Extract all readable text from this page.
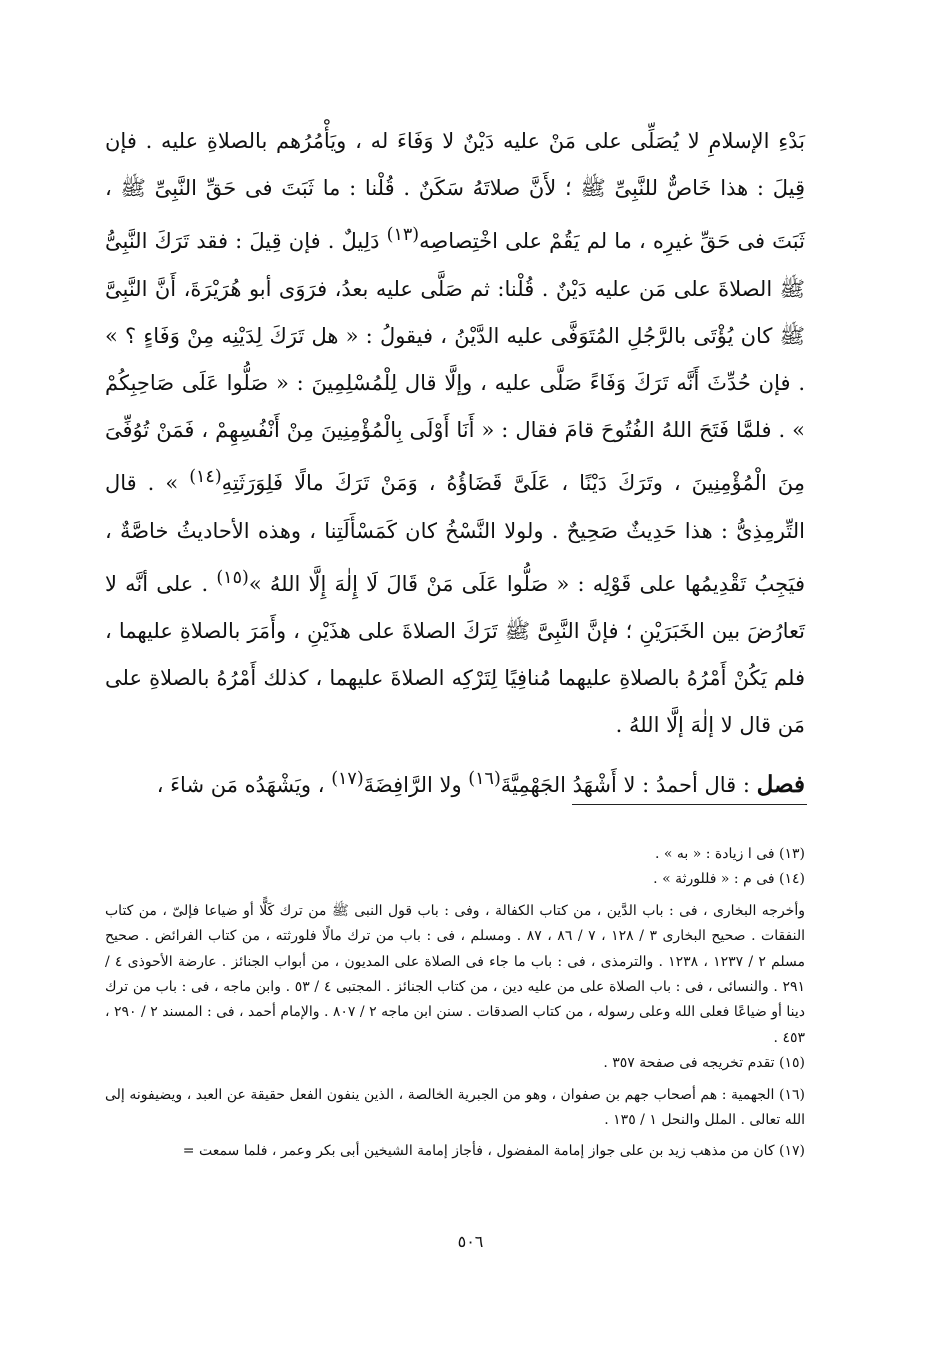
بَدْءِ الإسلامِ لا يُصَلِّى على مَنْ عليه دَيْنٌ لا وَفَاءَ له ، ويَأْمُرُهم بالصلاةِ عليه . فإن قِيلَ : هذا خَاصٌّ للنَّبِىِّ ﷺ ؛ لأَنَّ صلاتَهُ سَكَنٌ . قُلْنا : ما ثَبَتَ فى حَقِّ النَّبِىِّ ﷺ ، ثَبَتَ فى حَقِّ غيرِه ، ما لم يَقُمْ على اخْتِصاصِه$^{(١٣)}$ دَلِيلٌ . فإن قِيلَ : فقد تَرَكَ النَّبِىُّ ﷺ الصلاةَ على مَن عليه دَيْنٌ . قُلْنا: ثم صَلَّى عليه بعدُ، فرَوَى أبو هُرَيْرَةَ، أَنَّ النَّبِىَّ ﷺ كان يُؤْتَى بالرَّجُلِ المُتَوَفَّى عليه الدَّيْنُ ، فيقولُ : « هل تَرَكَ لِدَيْنِه مِنْ وَفَاءٍ ؟ » . فإن حُدِّثَ أَنَّه تَرَكَ وَفَاءً صَلَّى عليه ، وإلَّا قال لِلْمُسْلِمِينَ : « صَلُّوا عَلَى صَاحِبِكُمْ » . فلمَّا فَتَحَ اللهُ الفُتُوحَ قامَ فقال : « أَنَا أَوْلَى بِالْمُؤْمِنِينَ مِنْ أَنْفُسِهِمْ ، فَمَنْ تُوُفِّىَ مِنَ الْمُؤْمِنِينَ ، وتَرَكَ دَيْنًا ، عَلَىَّ قَضَاؤُهُ ، وَمَنْ تَرَكَ مالًا فَلِوَرَثَتِهِ$^{(١٤)}$ » . قال التِّرمِذِىُّ : هذا حَدِيثٌ صَحِيحٌ . ولولا النَّسْخُ كان كَمَسْأَلَتِنا ، وهذه الأحاديثُ خاصَّةٌ ، فيَجِبُ تَقْدِيمُها على قَوْلِه : « صَلُّوا عَلَى مَنْ قَالَ لَا إِلٰهَ إِلَّا اللهُ »$^{(١٥)}$ . على أنَّه لا تَعارُضَ بين الخَبَرَيْنِ ؛ فإنَّ النَّبِىَّ ﷺ تَرَكَ الصلاةَ على هذَيْنِ ، وأَمَرَ بالصلاةِ عليهما ، فلم يَكُنْ أَمْرُهُ بالصلاةِ عليهما مُنافِيًا لِتَرْكِه الصلاةَ عليهما ، كذلك أَمْرُهُ بالصلاةِ على مَن قال لا إلٰهَ إلَّا اللهُ .

فصل : قال أحمدُ : لا أَشْهَدُ الجَهْمِيَّةَ$^{(١٦)}$ ولا الرَّافِضَةَ$^{(١٧)}$ ، ويَشْهَدُه مَن شاءَ ،

(١٣) فى ا زيادة : « به » .

(١٤) فى م : « فللورثة » .

وأخرجه البخارى ، فى : باب الدَّين ، من كتاب الكفالة ، وفى : باب قول النبى ﷺ من ترك كَلًّا أو ضياعا فإلىّ ، من كتاب النفقات . صحيح البخارى ٣ / ١٢٨ ، ٧ / ٨٦ ، ٨٧ . ومسلم ، فى : باب من ترك مالًا فلورثته ، من كتاب الفرائض . صحيح مسلم ٢ / ١٢٣٧ ، ١٢٣٨ . والترمذى ، فى : باب ما جاء فى الصلاة على المديون ، من أبواب الجنائز . عارضة الأحوذى ٤ / ٢٩١ . والنسائى ، فى : باب الصلاة على من عليه دين ، من كتاب الجنائز . المجتبى ٤ / ٥٣ . وابن ماجه ، فى : باب من ترك دينا أو ضياعًا فعلى الله وعلى رسوله ، من كتاب الصدقات . سنن ابن ماجه ٢ / ٨٠٧ . والإمام أحمد ، فى : المسند ٢ / ٢٩٠ ، ٤٥٣ .

(١٥) تقدم تخريجه فى صفحة ٣٥٧ .

(١٦) الجهمية : هم أصحاب جهم بن صفوان ، وهو من الجبرية الخالصة ، الذين ينفون الفعل حقيقة عن العبد ، ويضيفونه إلى الله تعالى . الملل والنحل ١ / ١٣٥ .

(١٧) كان من مذهب زيد بن على جواز إمامة المفضول ، فأجاز إمامة الشيخين أبى بكر وعمر ، فلما سمعت =

٥٠٦
